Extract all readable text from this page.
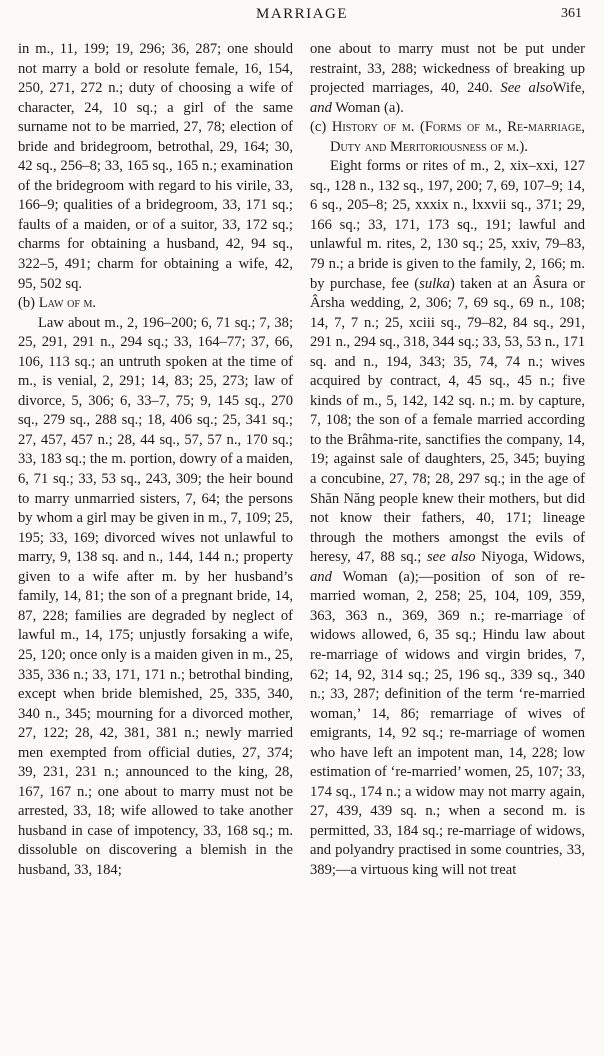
MARRIAGE	361

in m., 11, 199; 19, 296; 36, 287; one should not marry a bold or resolute female, 16, 154, 250, 271, 272 n.; duty of choosing a wife of character, 24, 10 sq.; a girl of the same surname not to be married, 27, 78; election of bride and bridegroom, betrothal, 29, 164; 30, 42 sq., 256–8; 33, 165 sq., 165 n.; examination of the bridegroom with regard to his virile, 33, 166–9; qualities of a bridegroom, 33, 171 sq.; faults of a maiden, or of a suitor, 33, 172 sq.; charms for obtaining a husband, 42, 94 sq., 322–5, 491; charm for obtaining a wife, 42, 95, 502 sq.

(b) Law of m.

Law about m., 2, 196–200; 6, 71 sq.; 7, 38; 25, 291, 291 n., 294 sq.; 33, 164–77; 37, 66, 106, 113 sq.; an untruth spoken at the time of m., is venial, 2, 291; 14, 83; 25, 273; law of divorce, 5, 306; 6, 33–7, 75; 9, 145 sq., 270 sq., 279 sq., 288 sq.; 18, 406 sq.; 25, 341 sq.; 27, 457, 457 n.; 28, 44 sq., 57, 57 n., 170 sq.; 33, 183 sq.; the m. portion, dowry of a maiden, 6, 71 sq.; 33, 53 sq., 243, 309; the heir bound to marry unmarried sisters, 7, 64; the persons by whom a girl may be given in m., 7, 109; 25, 195; 33, 169; divorced wives not unlawful to marry, 9, 138 sq. and n., 144, 144 n.; property given to a wife after m. by her husband’s family, 14, 81; the son of a pregnant bride, 14, 87, 228; families are degraded by neglect of lawful m., 14, 175; unjustly forsaking a wife, 25, 120; once only is a maiden given in m., 25, 335, 336 n.; 33, 171, 171 n.; betrothal binding, except when bride blemished, 25, 335, 340, 340 n., 345; mourning for a divorced mother, 27, 122; 28, 42, 381, 381 n.; newly married men exempted from official duties, 27, 374; 39, 231, 231 n.; announced to the king, 28, 167, 167 n.; one about to marry must not be arrested, 33, 18; wife allowed to take another husband in case of impotency, 33, 168 sq.; m. dissoluble on discovering a blemish in the husband, 33, 184;

one about to marry must not be put under restraint, 33, 288; wickedness of breaking up projected marriages, 40, 240. See alsoWife, and Woman (a).

(c) History of m. (Forms of m., Re-marriage, Duty and Meritoriousness of m.).

Eight forms or rites of m., 2, xix–xxi, 127 sq., 128 n., 132 sq., 197, 200; 7, 69, 107–9; 14, 6 sq., 205–8; 25, xxxix n., lxxvii sq., 371; 29, 166 sq.; 33, 171, 173 sq., 191; lawful and unlawful m. rites, 2, 130 sq.; 25, xxiv, 79–83, 79 n.; a bride is given to the family, 2, 166; m. by purchase, fee (sulka) taken at an Âsura or Ârsha wedding, 2, 306; 7, 69 sq., 69 n., 108; 14, 7, 7 n.; 25, xciii sq., 79–82, 84 sq., 291, 291 n., 294 sq., 318, 344 sq.; 33, 53, 53 n., 171 sq. and n., 194, 343; 35, 74, 74 n.; wives acquired by contract, 4, 45 sq., 45 n.; five kinds of m., 5, 142, 142 sq. n.; m. by capture, 7, 108; the son of a female married according to the Brâhma-rite, sanctifies the company, 14, 19; against sale of daughters, 25, 345; buying a concubine, 27, 78; 28, 297 sq.; in the age of Shăn Năng people knew their mothers, but did not know their fathers, 40, 171; lineage through the mothers amongst the evils of heresy, 47, 88 sq.; see also Niyoga, Widows, and Woman (a);—position of son of re-married woman, 2, 258; 25, 104, 109, 359, 363, 363 n., 369, 369 n.; re-marriage of widows allowed, 6, 35 sq.; Hindu law about re-marriage of widows and virgin brides, 7, 62; 14, 92, 314 sq.; 25, 196 sq., 339 sq., 340 n.; 33, 287; definition of the term ‘re-married woman,’ 14, 86; remarriage of wives of emigrants, 14, 92 sq.; re-marriage of women who have left an impotent man, 14, 228; low estimation of ‘re-married’ women, 25, 107; 33, 174 sq., 174 n.; a widow may not marry again, 27, 439, 439 sq. n.; when a second m. is permitted, 33, 184 sq.; re-marriage of widows, and polyandry practised in some countries, 33, 389;—a virtuous king will not treat
